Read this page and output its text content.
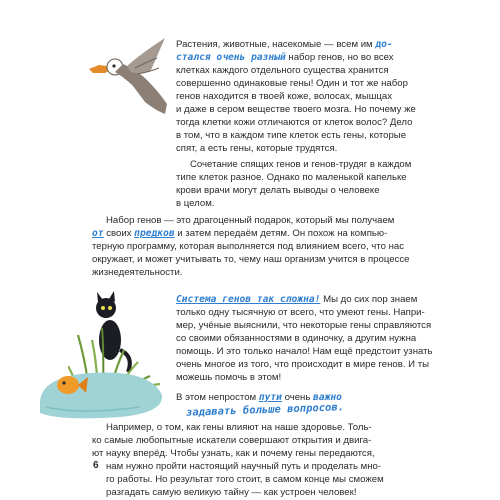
Растения, животные, насекомые — всем им до-
стался очень разный набор генов, но во всех
клетках каждого отдельного существа хранится
совершенно одинаковые гены! Один и тот же набор
генов находится в твоей коже, волосах, мышцах
и даже в сером веществе твоего мозга. Но почему же
тогда клетки кожи отличаются от клеток волос? Дело
в том, что в каждом типе клеток есть гены, которые
спят, а есть гены, которые трудятся.
Сочетание спящих генов и генов-трудяг в каждом
типе клеток разное. Однако по маленькой капельке
крови врачи могут делать выводы о человеке
в целом.
Набор генов — это драгоценный подарок, который мы получаем
от своих предков и затем передаём детям. Он похож на компью-
терную программу, которая выполняется под влиянием всего, что нас
окружает, и может учитывать то, чему наш организм учится в процессе
жизнедеятельности.
Система генов так сложна! Мы до сих пор знаем
только одну тысячную от всего, что умеют гены. Напри-
мер, учёные выяснили, что некоторые гены справляются
со своими обязанностями в одиночку, а другим нужна
помощь. И это только начало! Нам ещё предстоит узнать
очень многое из того, что происходит в мире генов. И ты
можешь помочь в этом!
В этом непростом пути очень важно
задавать больше вопросов.
Например, о том, как гены влияют на наше здоровье. Толь-
ко самые любопытные искатели совершают открытия и двига-
ют науку вперёд. Чтобы узнать, как и почему гены передаются,
нам нужно пройти настоящий научный путь и проделать мно-
го работы. Но результат того стоит, в самом конце мы сможем
разгадать самую великую тайну — как устроен человек!
6
